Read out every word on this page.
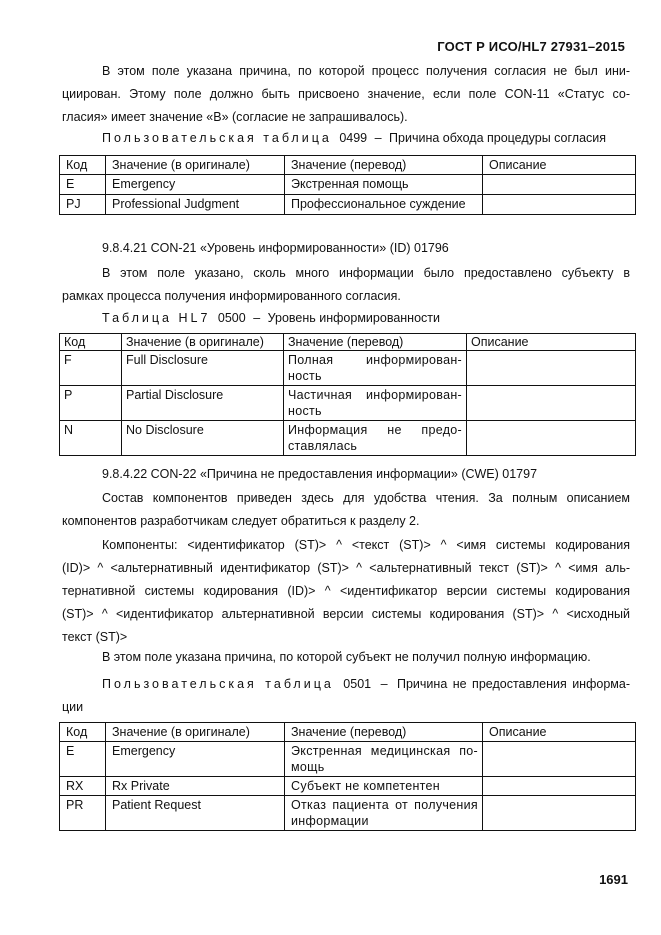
ГОСТ Р ИСО/HL7 27931–2015
В этом поле указана причина, по которой процесс получения согласия не был ини-
циирован. Этому поле должно быть присвоено значение, если поле CON-11 «Статус со-
гласия» имеет значение «В» (согласие не запрашивалось).
Пользовательская таблица 0499 – Причина обхода процедуры согласия
Код	Значение (в оригинале)	Значение (перевод)	Описание
E	Emergency	Экстренная помощь	
PJ	Professional Judgment	Профессиональное суждение	
9.8.4.21 CON-21 «Уровень информированности» (ID) 01796
В этом поле указано, сколь много информации было предоставлено субъекту в
рамках процесса получения информированного согласия.
Таблица HL7 0500 – Уровень информированности
Код	Значение (в оригинале)	Значение (перевод)	Описание
F	Full Disclosure	Полная информирован-
ность	

P	Partial Disclosure	Частичная информирован-
ность	

N	No Disclosure	Информация не предо-
ставлялась	

9.8.4.22 CON-22 «Причина не предоставления информации» (CWE) 01797
Состав компонентов приведен здесь для удобства чтения. За полным описанием
компонентов разработчикам следует обратиться к разделу 2.
Компоненты: <идентификатор (ST)> ^ <текст (ST)> ^ <имя системы кодирования
(ID)> ^ <альтернативный идентификатор (ST)> ^ <альтернативный текст (ST)> ^ <имя аль-
тернативной системы кодирования (ID)> ^ <идентификатор версии системы кодирования
(ST)> ^ <идентификатор альтернативной версии системы кодирования (ST)> ^ <исходный
текст (ST)>
В этом поле указана причина, по которой субъект не получил полную информацию.
Пользовательская таблица 0501 – Причина не предоставления информа-
ции
Код	Значение (в оригинале)	Значение (перевод)	Описание
E	Emergency	Экстренная медицинская по-
мощь	

RX	Rx Private	Субъект не компетентен	

PR	Patient Request	Отказ пациента от получения
информации	

1691
